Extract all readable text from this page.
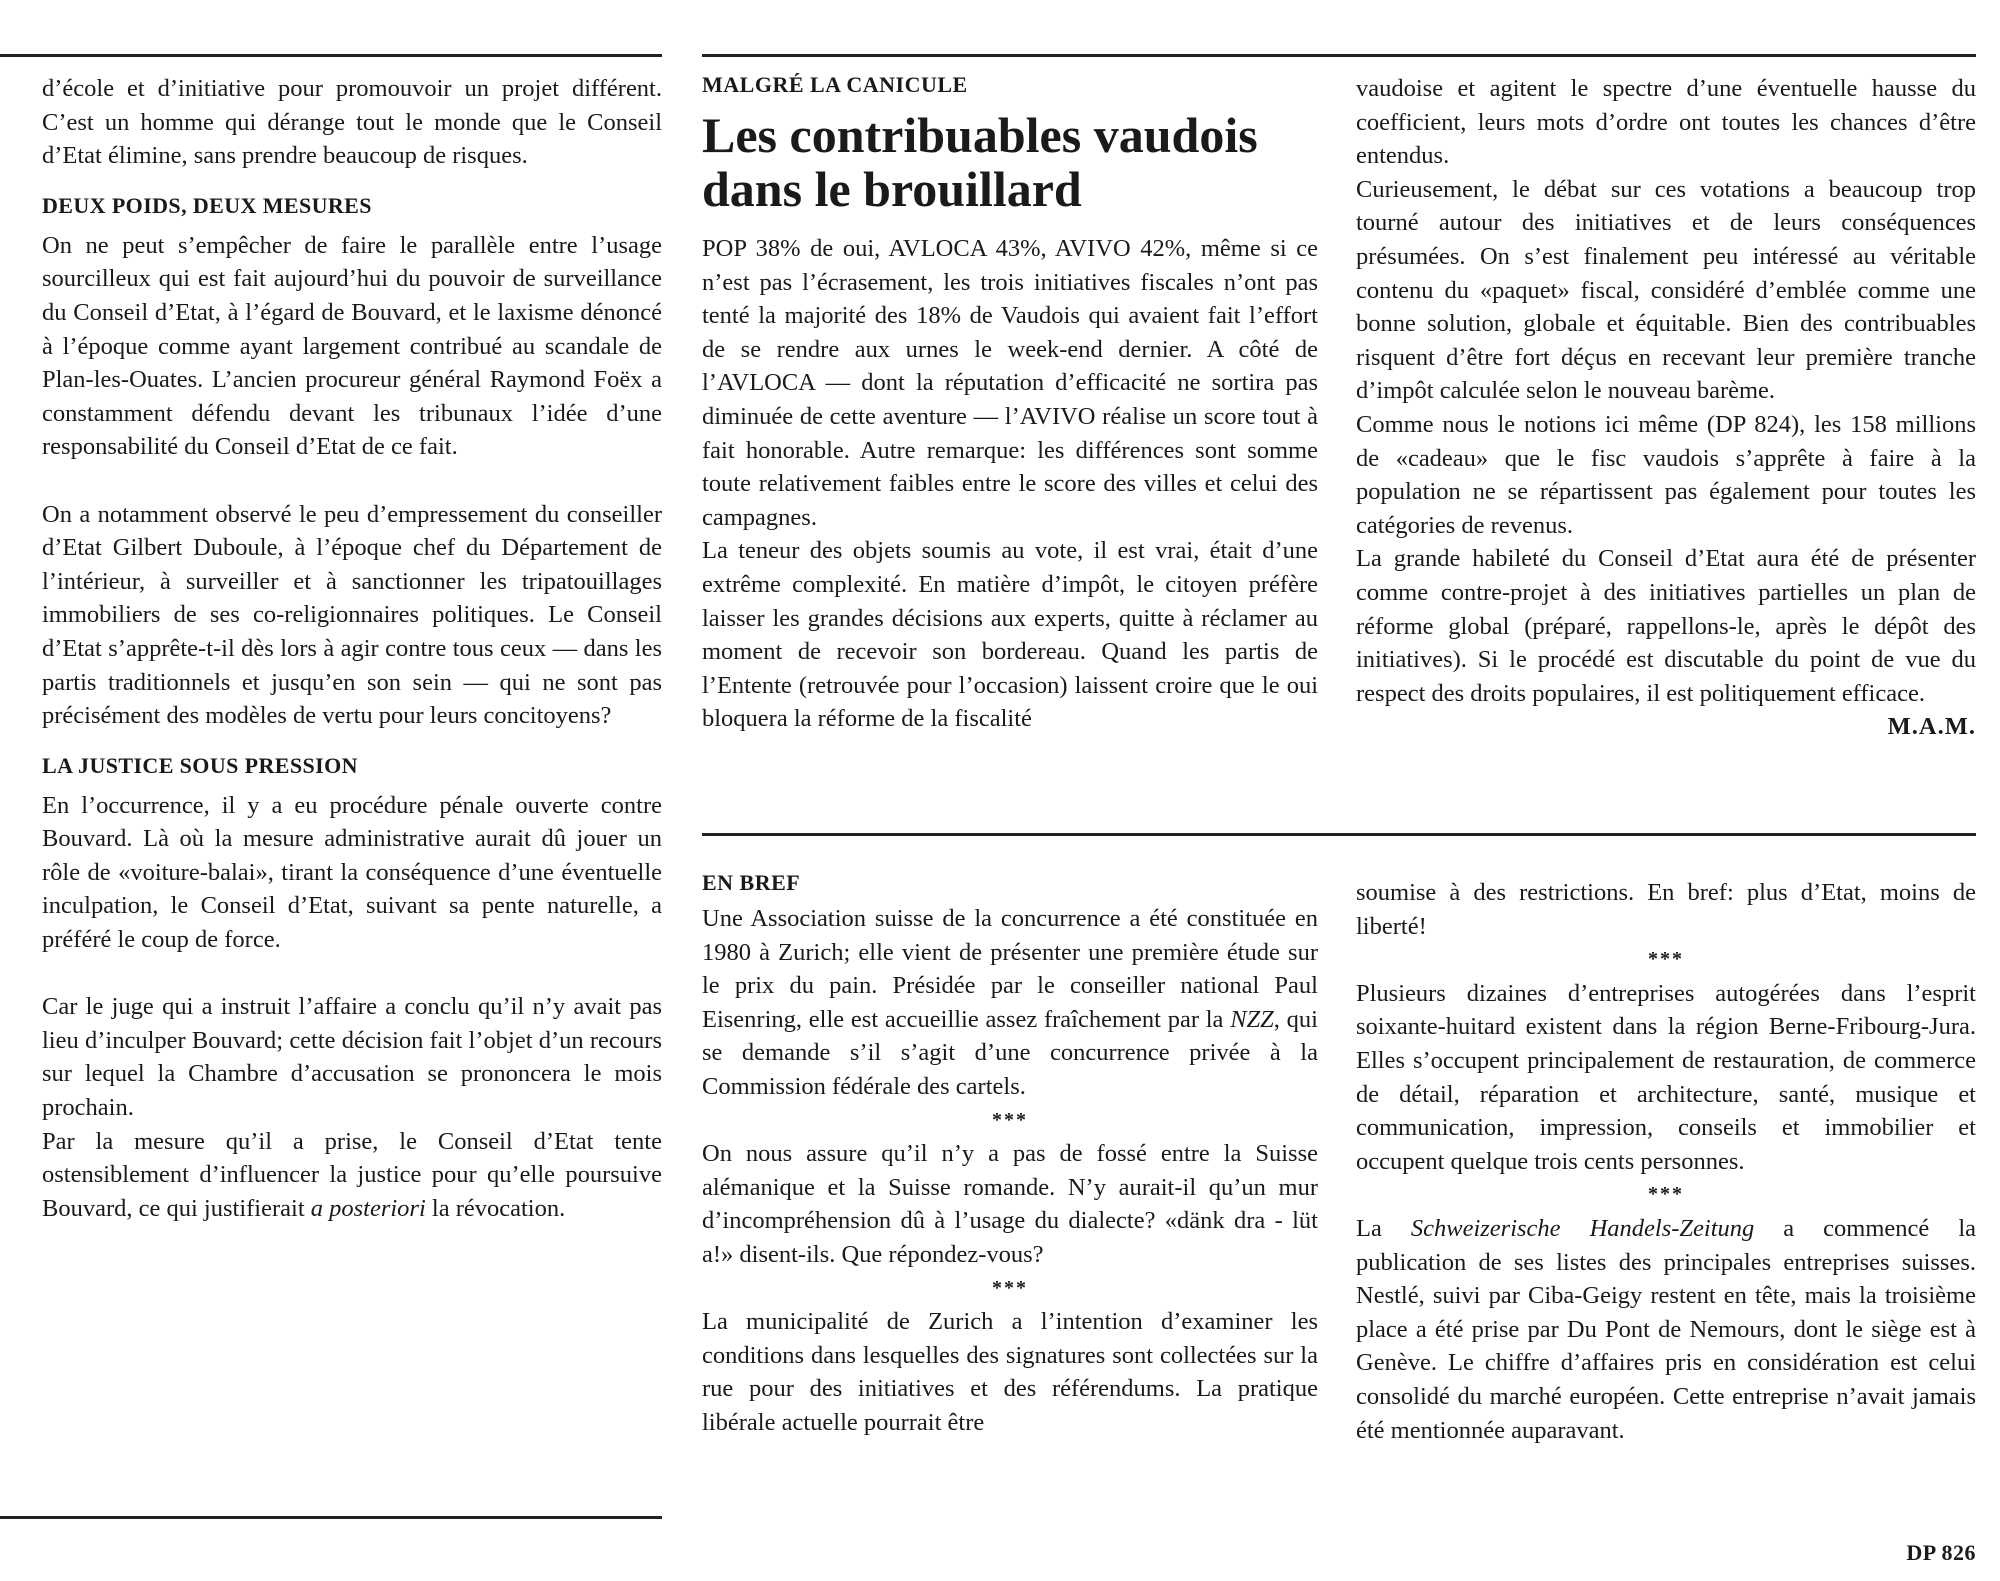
d’école et d’initiative pour promouvoir un projet différent. C’est un homme qui dérange tout le monde que le Conseil d’Etat élimine, sans prendre beaucoup de risques.

DEUX POIDS, DEUX MESURES

On ne peut s’empêcher de faire le parallèle entre l’usage sourcilleux qui est fait aujourd’hui du pouvoir de surveillance du Conseil d’Etat, à l’égard de Bouvard, et le laxisme dénoncé à l’époque comme ayant largement contribué au scandale de Plan-les-Ouates. L’ancien procureur général Raymond Foëx a constamment défendu devant les tribunaux l’idée d’une responsabilité du Conseil d’Etat de ce fait.

On a notamment observé le peu d’empressement du conseiller d’Etat Gilbert Duboule, à l’époque chef du Département de l’intérieur, à surveiller et à sanctionner les tripatouillages immobiliers de ses co-religionnaires politiques. Le Conseil d’Etat s’apprête-t-il dès lors à agir contre tous ceux — dans les partis traditionnels et jusqu’en son sein — qui ne sont pas précisément des modèles de vertu pour leurs concitoyens?

LA JUSTICE SOUS PRESSION

En l’occurrence, il y a eu procédure pénale ouverte contre Bouvard. Là où la mesure administrative aurait dû jouer un rôle de «voiture-balai», tirant la conséquence d’une éventuelle inculpation, le Conseil d’Etat, suivant sa pente naturelle, a préféré le coup de force.

Car le juge qui a instruit l’affaire a conclu qu’il n’y avait pas lieu d’inculper Bouvard; cette décision fait l’objet d’un recours sur lequel la Chambre d’accusation se prononcera le mois prochain.

Par la mesure qu’il a prise, le Conseil d’Etat tente ostensiblement d’influencer la justice pour qu’elle poursuive Bouvard, ce qui justifierait a posteriori la révocation.

MALGRÉ LA CANICULE
Les contribuables vaudois dans le brouillard

POP 38% de oui, AVLOCA 43%, AVIVO 42%, même si ce n’est pas l’écrasement, les trois initiatives fiscales n’ont pas tenté la majorité des 18% de Vaudois qui avaient fait l’effort de se rendre aux urnes le week-end dernier. A côté de l’AVLOCA — dont la réputation d’efficacité ne sortira pas diminuée de cette aventure — l’AVIVO réalise un score tout à fait honorable. Autre remarque: les différences sont somme toute relativement faibles entre le score des villes et celui des campagnes.

La teneur des objets soumis au vote, il est vrai, était d’une extrême complexité. En matière d’impôt, le citoyen préfère laisser les grandes décisions aux experts, quitte à réclamer au moment de recevoir son bordereau. Quand les partis de l’Entente (retrouvée pour l’occasion) laissent croire que le oui bloquera la réforme de la fiscalité

vaudoise et agitent le spectre d’une éventuelle hausse du coefficient, leurs mots d’ordre ont toutes les chances d’être entendus.

Curieusement, le débat sur ces votations a beaucoup trop tourné autour des initiatives et de leurs conséquences présumées. On s’est finalement peu intéressé au véritable contenu du «paquet» fiscal, considéré d’emblée comme une bonne solution, globale et équitable. Bien des contribuables risquent d’être fort déçus en recevant leur première tranche d’impôt calculée selon le nouveau barème.

Comme nous le notions ici même (DP 824), les 158 millions de «cadeau» que le fisc vaudois s’apprête à faire à la population ne se répartissent pas également pour toutes les catégories de revenus.

La grande habileté du Conseil d’Etat aura été de présenter comme contre-projet à des initiatives partielles un plan de réforme global (préparé, rappellons-le, après le dépôt des initiatives). Si le procédé est discutable du point de vue du respect des droits populaires, il est politiquement efficace.

M.A.M.
EN BREF

Une Association suisse de la concurrence a été constituée en 1980 à Zurich; elle vient de présenter une première étude sur le prix du pain. Présidée par le conseiller national Paul Eisenring, elle est accueillie assez fraîchement par la NZZ, qui se demande s’il s’agit d’une concurrence privée à la Commission fédérale des cartels.

***

On nous assure qu’il n’y a pas de fossé entre la Suisse alémanique et la Suisse romande. N’y aurait-il qu’un mur d’incompréhension dû à l’usage du dialecte? «dänk dra - lüt a!» disent-ils. Que répondez-vous?

***

La municipalité de Zurich a l’intention d’examiner les conditions dans lesquelles des signatures sont collectées sur la rue pour des initiatives et des référendums. La pratique libérale actuelle pourrait être

soumise à des restrictions. En bref: plus d’Etat, moins de liberté!

***

Plusieurs dizaines d’entreprises autogérées dans l’esprit soixante-huitard existent dans la région Berne-Fribourg-Jura. Elles s’occupent principalement de restauration, de commerce de détail, réparation et architecture, santé, musique et communication, impression, conseils et immobilier et occupent quelque trois cents personnes.

***

La Schweizerische Handels-Zeitung a commencé la publication de ses listes des principales entreprises suisses. Nestlé, suivi par Ciba-Geigy restent en tête, mais la troisième place a été prise par Du Pont de Nemours, dont le siège est à Genève. Le chiffre d’affaires pris en considération est celui consolidé du marché européen. Cette entreprise n’avait jamais été mentionnée auparavant.

DP 826
